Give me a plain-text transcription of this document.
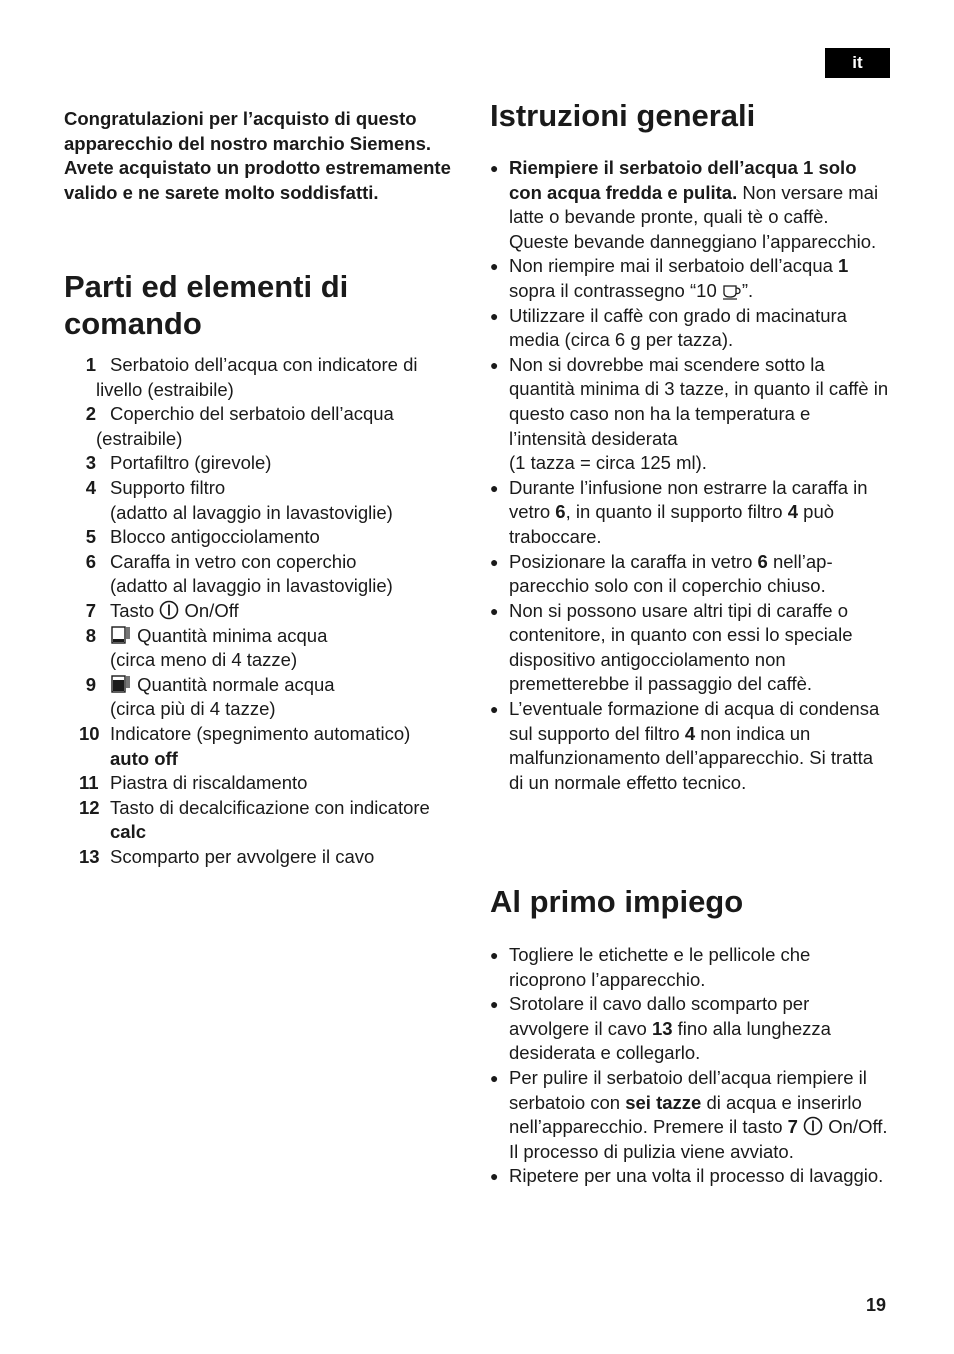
it
Congratulazioni per l’acquisto di questo apparecchio del nostro marchio Siemens. Avete acquistato un prodotto estremamente valido e ne sarete molto soddisfatti.
Parti ed elementi di comando
1 Serbatoio dell’acqua con indicatore di livello (estraibile)
2 Coperchio del serbatoio dell’acqua (estraibile)
3 Portafiltro (girevole)
4 Supporto filtro
(adatto al lavaggio in lavastoviglie)
5 Blocco antigocciolamento
6 Caraffa in vetro con coperchio
(adatto al lavaggio in lavastoviglie)
7 Tasto On/Off
8	Quantità minima acqua
(circa meno di 4 tazze)
9	Quantità normale acqua
(circa più di 4 tazze)
10 Indicatore (spegnimento automatico)
auto off
11 Piastra di riscaldamento
12 Tasto di decalcificazione con indicatore
calc
13 Scomparto per avvolgere il cavo
Istruzioni generali
● Riempiere il serbatoio dell’acqua 1 solo con acqua fredda e pulita. Non versare mai latte o bevande pronte, quali tè o caffè. Queste bevande danneggiano l’apparecchio.
● Non riempire mai il serbatoio dell’acqua 1 sopra il contrassegno “10 ”.
● Utilizzare il caffè con grado di macinatura media (circa 6 g per tazza).
● Non si dovrebbe mai scendere sotto la quantità minima di 3 tazze, in quanto il caffè in questo caso non ha la temperatura e l’intensità desiderata
(1 tazza = circa 125 ml).
● Durante l’infusione non estrarre la caraffa in vetro 6, in quanto il supporto filtro 4 può traboccare.
● Posizionare la caraffa in vetro 6 nell’apparecchio solo con il coperchio chiuso.
● Non si possono usare altri tipi di caraffe o contenitore, in quanto con essi lo speciale dispositivo antigocciolamento non premetterebbe il passaggio del caffè.
● L’eventuale formazione di acqua di condensa sul supporto del filtro 4 non indica un malfunzionamento dell’apparecchio. Si tratta di un normale effetto tecnico.
Al primo impiego
● Togliere le etichette e le pellicole che ricoprono l’apparecchio.
● Srotolare il cavo dallo scomparto per avvolgere il cavo 13 fino alla lunghezza desiderata e collegarlo.
● Per pulire il serbatoio dell’acqua riempiere il serbatoio con sei tazze di acqua e inserirlo nell’apparecchio. Premere il tasto 7 On/Off. Il processo di pulizia viene avviato.
● Ripetere per una volta il processo di lavaggio.
19
